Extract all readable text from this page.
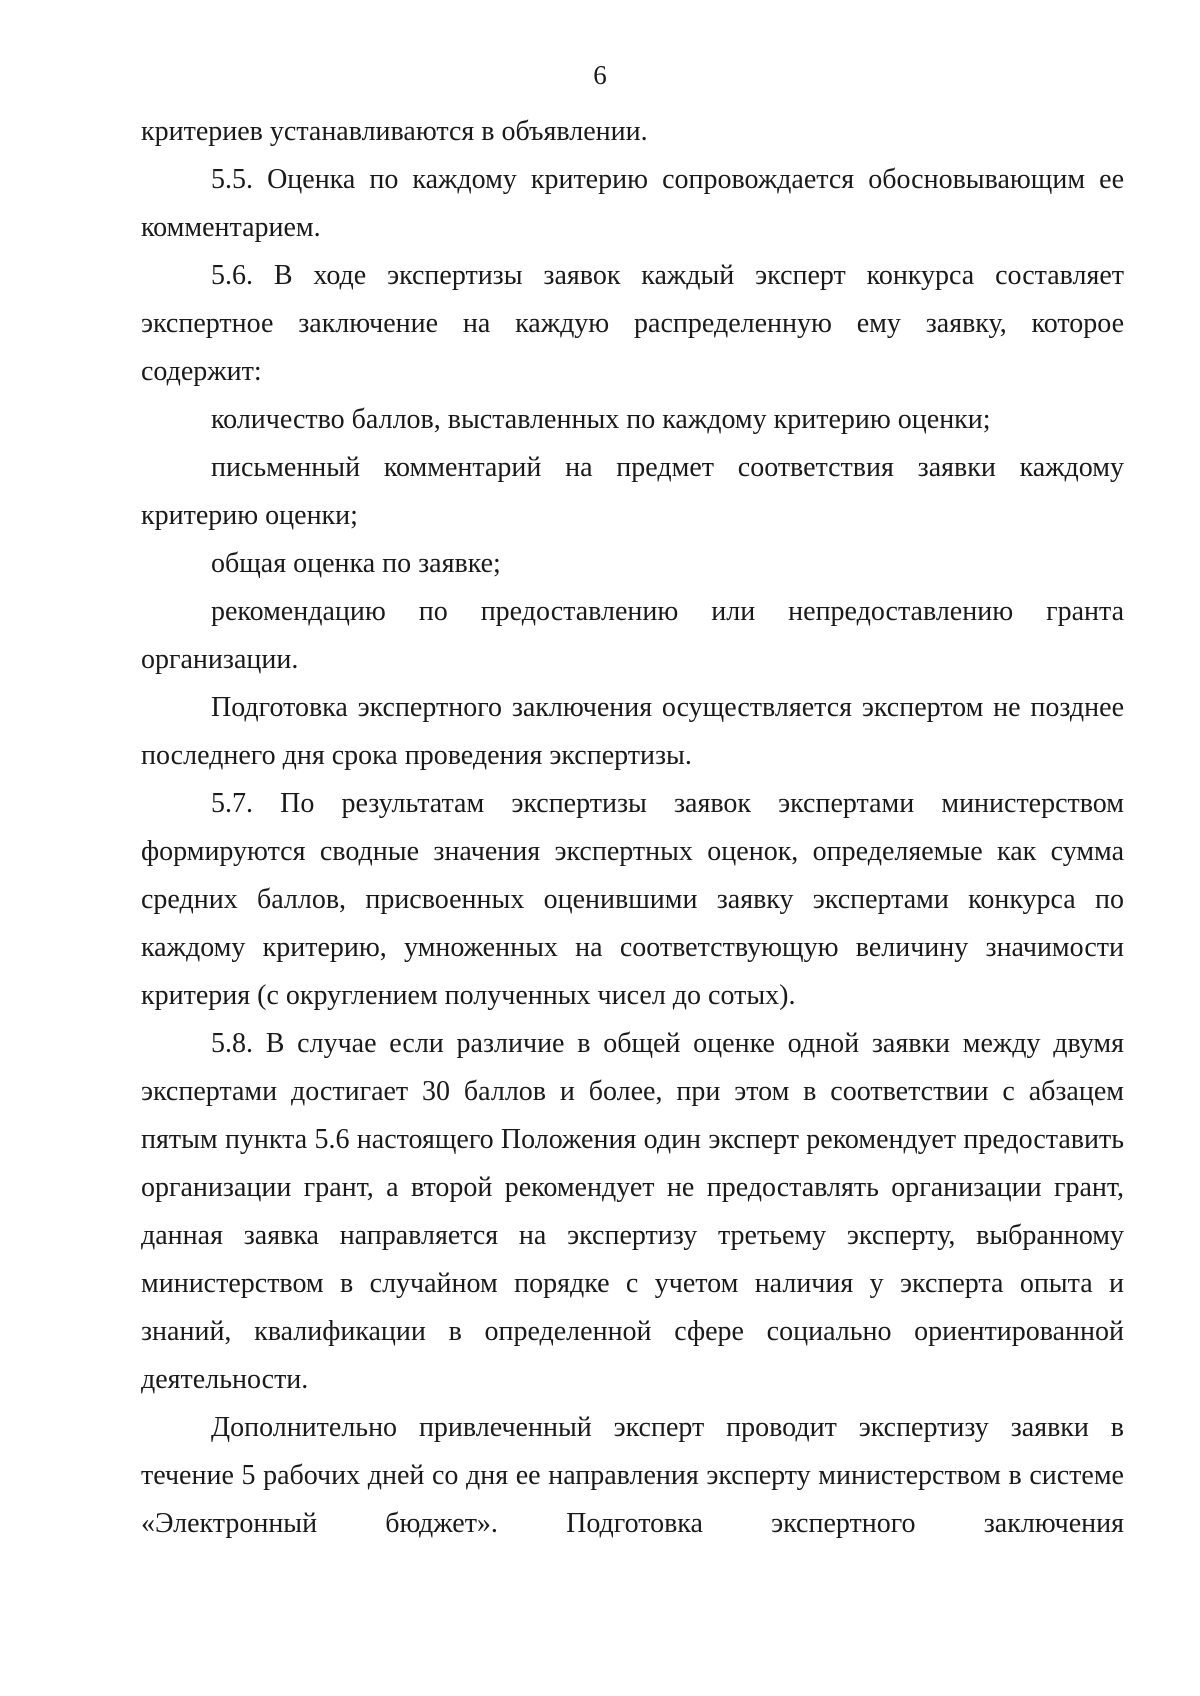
6

критериев устанавливаются в объявлении.

5.5. Оценка по каждому критерию сопровождается обосновывающим ее комментарием.

5.6. В ходе экспертизы заявок каждый эксперт конкурса составляет экспертное заключение на каждую распределенную ему заявку, которое содержит:

количество баллов, выставленных по каждому критерию оценки;

письменный комментарий на предмет соответствия заявки каждому критерию оценки;

общая оценка по заявке;

рекомендацию по предоставлению или непредоставлению гранта организации.

Подготовка экспертного заключения осуществляется экспертом не позднее последнего дня срока проведения экспертизы.

5.7. По результатам экспертизы заявок экспертами министерством формируются сводные значения экспертных оценок, определяемые как сумма средних баллов, присвоенных оценившими заявку экспертами конкурса по каждому критерию, умноженных на соответствующую величину значимости критерия (с округлением полученных чисел до сотых).

5.8. В случае если различие в общей оценке одной заявки между двумя экспертами достигает 30 баллов и более, при этом в соответствии с абзацем пятым пункта 5.6 настоящего Положения один эксперт рекомендует предоставить организации грант, а второй рекомендует не предоставлять организации грант, данная заявка направляется на экспертизу третьему эксперту, выбранному министерством в случайном порядке с учетом наличия у эксперта опыта и знаний, квалификации в определенной сфере социально ориентированной деятельности.

Дополнительно привлеченный эксперт проводит экспертизу заявки в течение 5 рабочих дней со дня ее направления эксперту министерством в системе «Электронный бюджет». Подготовка экспертного заключения
